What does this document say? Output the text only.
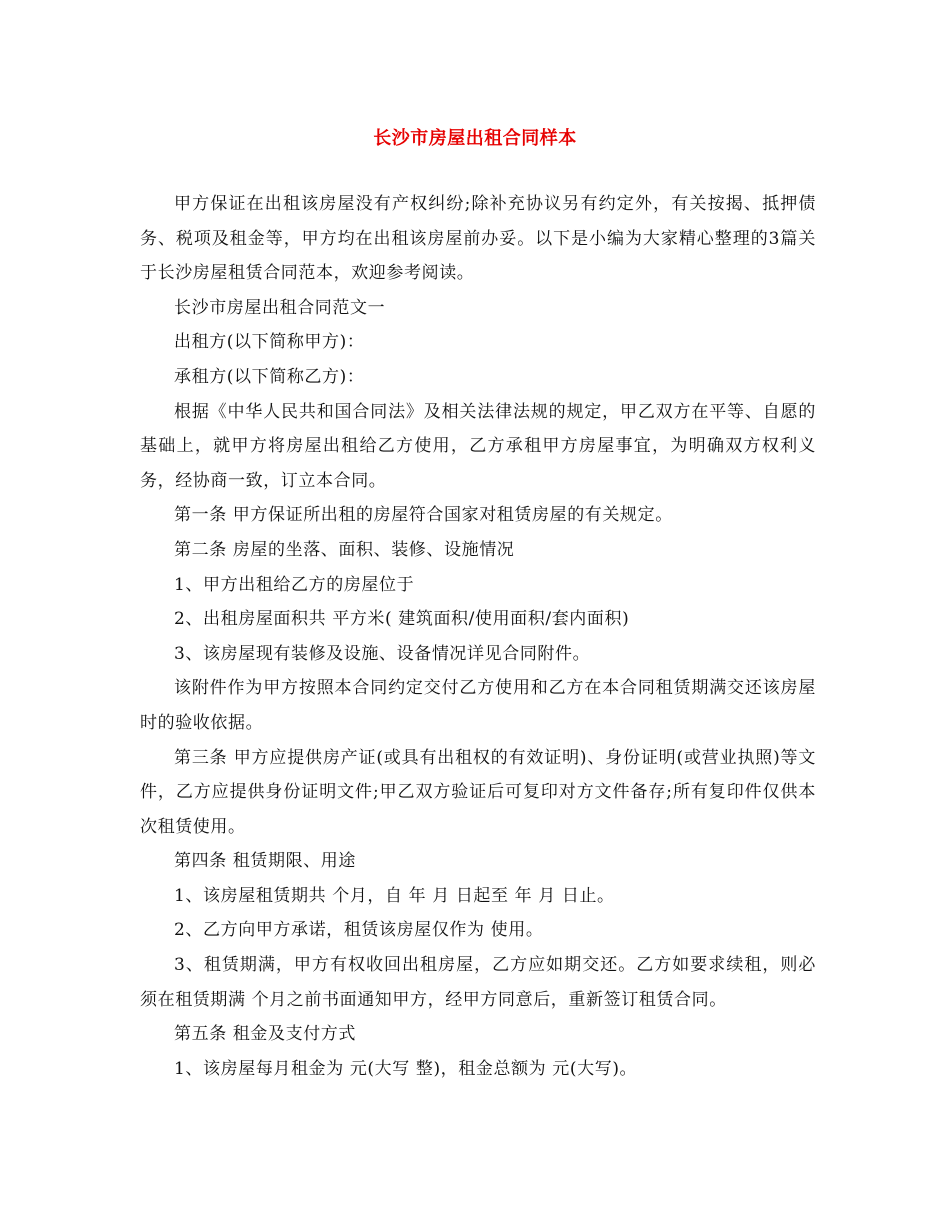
长沙市房屋出租合同样本

甲方保证在出租该房屋没有产权纠纷;除补充协议另有约定外，有关按揭、抵押债务、税项及租金等，甲方均在出租该房屋前办妥。以下是小编为大家精心整理的3篇关于长沙房屋租赁合同范本，欢迎参考阅读。

长沙市房屋出租合同范文一

出租方(以下简称甲方)：

承租方(以下简称乙方)：

根据《中华人民共和国合同法》及相关法律法规的规定，甲乙双方在平等、自愿的基础上，就甲方将房屋出租给乙方使用，乙方承租甲方房屋事宜，为明确双方权利义务，经协商一致，订立本合同。

第一条 甲方保证所出租的房屋符合国家对租赁房屋的有关规定。

第二条 房屋的坐落、面积、装修、设施情况

1、甲方出租给乙方的房屋位于

2、出租房屋面积共 平方米( 建筑面积/使用面积/套内面积)

3、该房屋现有装修及设施、设备情况详见合同附件。

该附件作为甲方按照本合同约定交付乙方使用和乙方在本合同租赁期满交还该房屋时的验收依据。

第三条 甲方应提供房产证(或具有出租权的有效证明)、身份证明(或营业执照)等文件，乙方应提供身份证明文件;甲乙双方验证后可复印对方文件备存;所有复印件仅供本次租赁使用。

第四条 租赁期限、用途

1、该房屋租赁期共 个月，自 年 月 日起至 年 月 日止。

2、乙方向甲方承诺，租赁该房屋仅作为 使用。

3、租赁期满，甲方有权收回出租房屋，乙方应如期交还。乙方如要求续租，则必须在租赁期满 个月之前书面通知甲方，经甲方同意后，重新签订租赁合同。

第五条 租金及支付方式

1、该房屋每月租金为 元(大写 整)，租金总额为 元(大写)。
